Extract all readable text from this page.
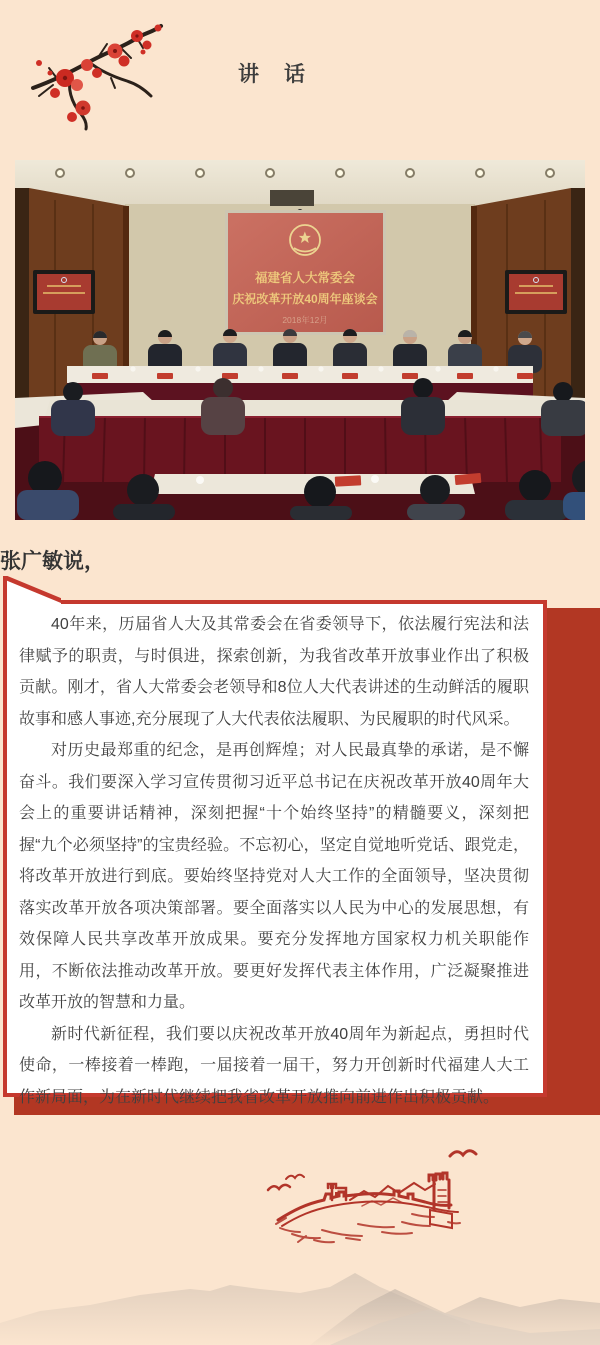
讲　话
福建省人大常委会
庆祝改革开放40周年座谈会
2018年12月
张广敏说，

40年来，历届省人大及其常委会在省委领导下，依法履行宪法和法律赋予的职责，与时俱进，探索创新，为我省改革开放事业作出了积极贡献。刚才，省人大常委会老领导和8位人大代表讲述的生动鲜活的履职故事和感人事迹,充分展现了人大代表依法履职、为民履职的时代风采。

对历史最郑重的纪念，是再创辉煌；对人民最真挚的承诺，是不懈奋斗。我们要深入学习宣传贯彻习近平总书记在庆祝改革开放40周年大会上的重要讲话精神，深刻把握“十个始终坚持”的精髓要义，深刻把握“九个必须坚持”的宝贵经验。不忘初心，坚定自觉地听党话、跟党走，将改革开放进行到底。要始终坚持党对人大工作的全面领导，坚决贯彻落实改革开放各项决策部署。要全面落实以人民为中心的发展思想，有效保障人民共享改革开放成果。要充分发挥地方国家权力机关职能作用，不断依法推动改革开放。要更好发挥代表主体作用，广泛凝聚推进改革开放的智慧和力量。

新时代新征程，我们要以庆祝改革开放40周年为新起点，勇担时代使命，一棒接着一棒跑，一届接着一届干，努力开创新时代福建人大工作新局面，为在新时代继续把我省改革开放推向前进作出积极贡献。
